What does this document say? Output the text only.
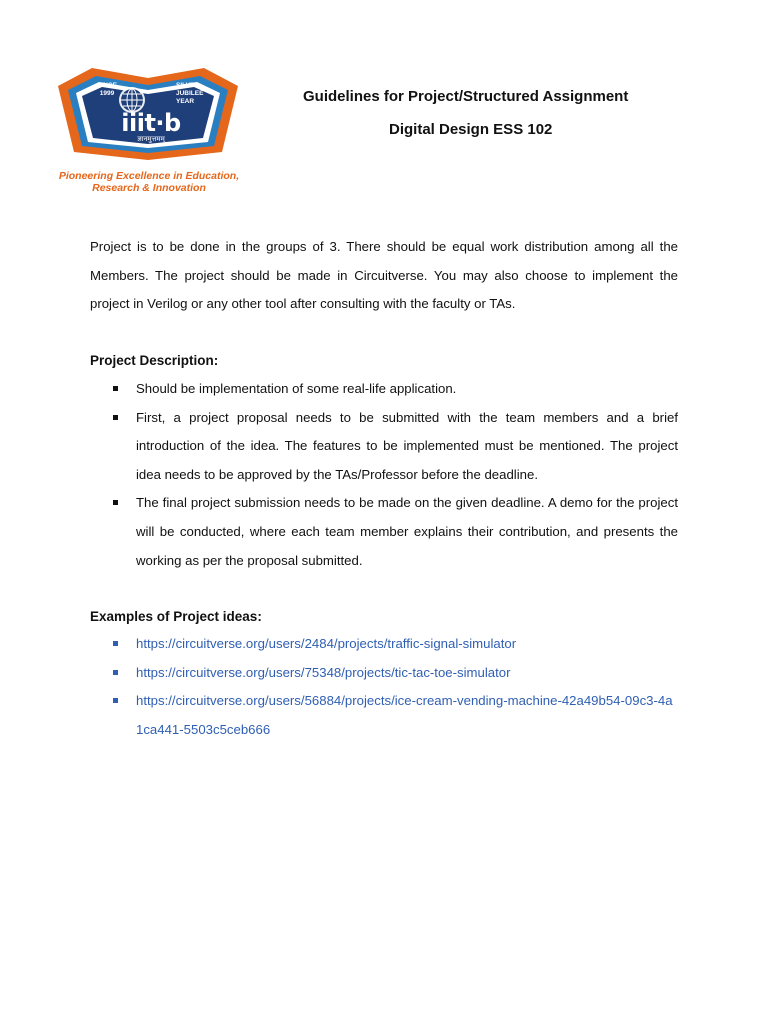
SINCE
1999
SILVER
JUBILEE
YEAR
iiit·b
ज्ञानमुत्तमम्
Pioneering Excellence in Education,
Research & Innovation
Guidelines for Project/Structured Assignment
Digital Design ESS 102
Project is to be done in the groups of 3. There should be equal work distribution among all the Members. The project should be made in Circuitverse. You may also choose to implement the project in Verilog or any other tool after consulting with the faculty or TAs.
Project Description:
Should be implementation of some real-life application.
First, a project proposal needs to be submitted with the team members and a brief introduction of the idea. The features to be implemented must be mentioned. The project idea needs to be approved by the TAs/Professor before the deadline.
The final project submission needs to be made on the given deadline. A demo for the project will be conducted, where each team member explains their contribution, and presents the working as per the proposal submitted.
Examples of Project ideas:
https://circuitverse.org/users/2484/projects/traffic-signal-simulator
https://circuitverse.org/users/75348/projects/tic-tac-toe-simulator
https://circuitverse.org/users/56884/projects/ice-cream-vending-machine-42a49b54-09c3-4a1ca441-5503c5ceb666
